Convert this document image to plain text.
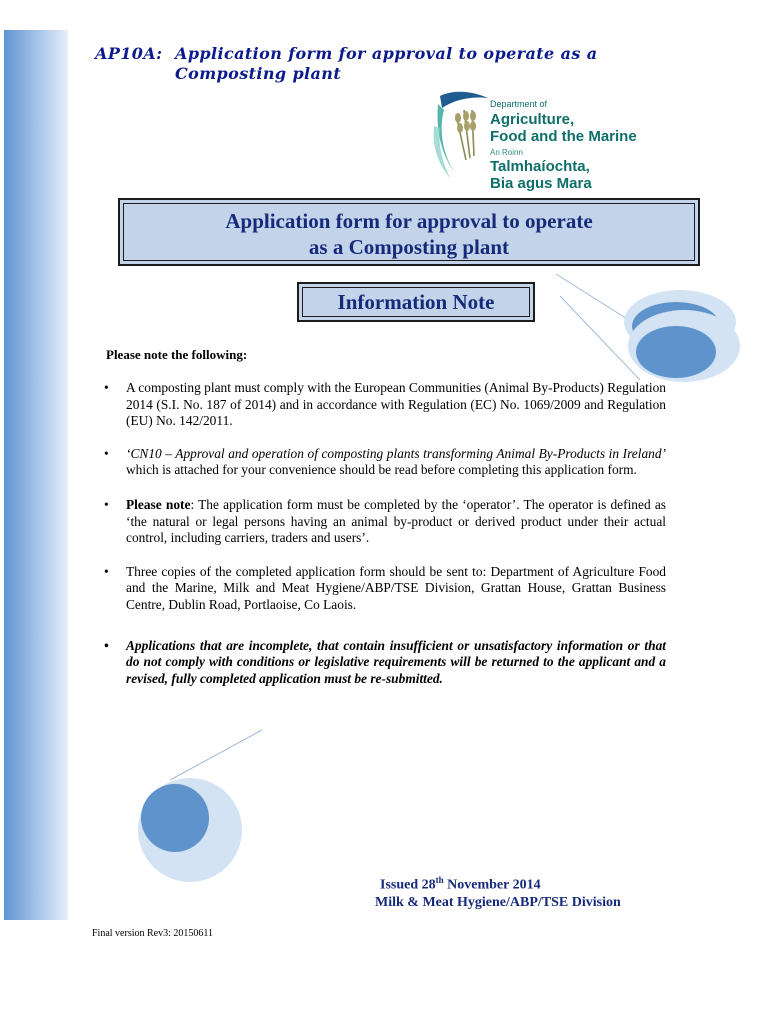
AP10A: Application form for approval to operate as a
Composting plant
Department of
Agriculture,
Food and the Marine
An Roinn
Talmhaíochta,
Bia agus Mara
Application form for approval to operate
as a Composting plant
Information Note
Please note the following:
• A composting plant must comply with the European Communities (Animal By-Products) Regulation 2014 (S.I. No. 187 of 2014) and in accordance with Regulation (EC) No. 1069/2009 and Regulation (EU) No. 142/2011.
• ‘CN10 – Approval and operation of composting plants transforming Animal By-Products in Ireland’ which is attached for your convenience should be read before completing this application form.
• Please note: The application form must be completed by the ‘operator’. The operator is defined as ‘the natural or legal persons having an animal by-product or derived product under their actual control, including carriers, traders and users’.
• Three copies of the completed application form should be sent to: Department of Agriculture Food and the Marine, Milk and Meat Hygiene/ABP/TSE Division, Grattan House, Grattan Business Centre, Dublin Road, Portlaoise, Co Laois.
• Applications that are incomplete, that contain insufficient or unsatisfactory information or that do not comply with conditions or legislative requirements will be returned to the applicant and a revised, fully completed application must be re-submitted.
Issued 28th November 2014
Milk & Meat Hygiene/ABP/TSE Division
Final version Rev3: 20150611
